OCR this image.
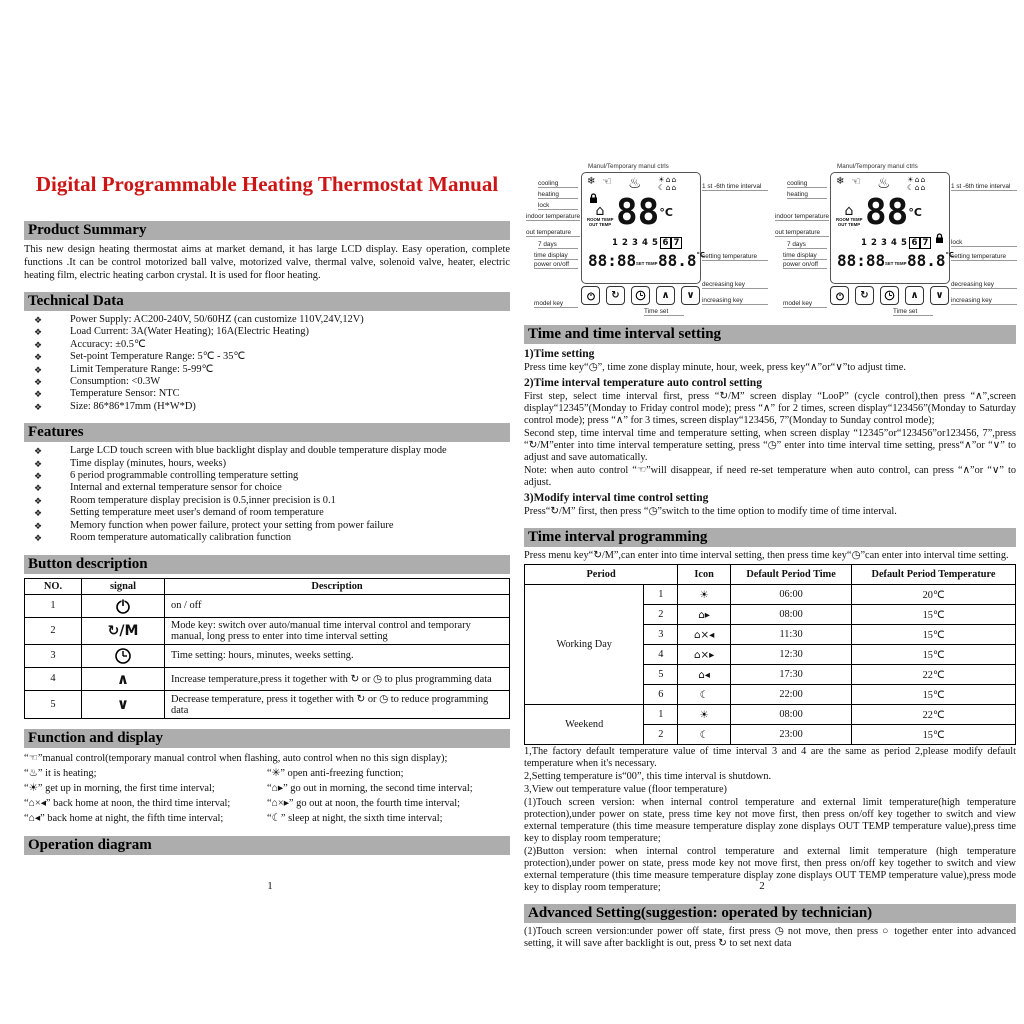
Digital Programmable Heating Thermostat Manual
Product Summary

This new design heating thermostat aims at market demand, it has large LCD display. Easy operation, complete functions .It can be control motorized ball valve, motorized valve, thermal valve, solenoid valve, heater, electric heating film, electric heating carbon crystal. It is used for floor heating.

Technical Data
❖	Power Supply: AC200-240V, 50/60HZ (can customize 110V,24V,12V)
❖	Load Current: 3A(Water Heating); 16A(Electric Heating)
❖	Accuracy: ±0.5℃
❖	Set-point Temperature Range: 5℃ - 35℃
❖	Limit Temperature Range: 5-99℃
❖	Consumption: <0.3W
❖	Temperature Sensor: NTC
❖	Size: 86*86*17mm (H*W*D)
Features
❖	Large LCD touch screen with blue backlight display and double temperature display mode
❖	Time display (minutes, hours, weeks)
❖	6 period programmable controlling temperature setting
❖	Internal and external temperature sensor for choice
❖	Room temperature display precision is 0.5,inner precision is 0.1
❖	Setting temperature meet user's demand of room temperature
❖	Memory function when power failure, protect your setting from power failure
❖	Room temperature automatically calibration function
Button description
NO.	signal	Description
1		on / off
2	↻/M	Mode key: switch over auto/manual time interval control and temporary manual, long press to enter into time interval setting
3		Time setting: hours, minutes, weeks setting.
4	∧	Increase temperature,press it together with ↻ or ◷ to plus programming data
5	∨	Decrease temperature, press it together with ↻ or ◷ to reduce programming data
Function and display
“☜”manual control(temporary manual control when flashing, auto control when no this sign display);
“♨” it is heating;	“✳” open anti-freezing function;
“☀” get up in morning, the first time interval;	“⌂▸” go out in morning, the second time interval;
“⌂×◂” back home at noon, the third time interval;	“⌂×▸” go out at noon, the fourth time interval;
“⌂◂” back home at night, the fifth time interval;	“☾” sleep at night, the sixth time interval;
Operation diagram
1
Manul/Temporary manul ctrls
cooling
heating
lock
indoor temperature
out temperature
7 days
time display
power on/off
model key
1 st -6th time interval
setting temperature
decreasing key
increasing key
Time set
❄ ☜ ♨ ☀⌂⌂
☾⌂⌂
⌂
ROOM TEMP
OUT TEMP $88^{^\circ C}$
1 2 3 4 5 6 7
88:88 SET TEMP 88.8℃
↻	∧ ∨
Manul/Temporary manul ctrls
cooling
heating
indoor temperature
out temperature
7 days
time display
power on/off
model key
1 st -6th time interval
lock
setting temperature
decreasing key
increasing key
Time set
❄ ☜ ♨ ☀⌂⌂
☾⌂⌂
⌂
ROOM TEMP
OUT TEMP $88^{^\circ C}$
1 2 3 4 5 6 7
88:88 SET TEMP 88.8℃
↻	∧ ∨
Time and time interval setting
1)Time setting

Press time key“◷”, time zone display minute, hour, week, press key“∧”or“∨”to adjust time.

2)Time interval temperature auto control setting

First step, select time interval first, press “↻/M” screen display “LooP” (cycle control),then press “∧”,screen display“12345”(Monday to Friday control mode); press “∧” for 2 times, screen display“123456”(Monday to Saturday control mode); press “∧” for 3 times, screen display“123456, 7”(Monday to Sunday control mode);

Second step, time interval time and temperature setting, when screen display “12345”or“123456”or123456, 7”,press “↻/M”enter into time interval temperature setting, press “◷” enter into time interval time setting, press“∧”or “∨” to adjust and save automatically.

Note: when auto control “☜”will disappear, if need re-set temperature when auto control, can press “∧”or “∨” to adjust.

3)Modify interval time control setting

Press“↻/M” first, then press “◷”switch to the time option to modify time of time interval.

Time interval programming

Press menu key“↻/M”,can enter into time interval setting, then press time key“◷”can enter into interval time setting.

Period		Icon	Default Period Time	Default Period Temperature
Working Day	1	☀	06:00	20℃
	2	⌂▸	08:00	15℃
	3	⌂×◂	11:30	15℃
	4	⌂×▸	12:30	15℃
	5	⌂◂	17:30	22℃
	6	☾	22:00	15℃
Weekend	1	☀	08:00	22℃
	2	☾	23:00	15℃

1,The factory default temperature value of time interval 3 and 4 are the same as period 2,please modify default temperature when it's necessary.

2,Setting temperature is“00”, this time interval is shutdown.

3,View out temperature value (floor temperature)

(1)Touch screen version: when internal control temperature and external limit temperature(high temperature protection),under power on state, press time key not move first, then press on/off key together to switch and view external temperature (this time measure temperature display zone displays OUT TEMP temperature value),press time key to display room temperature;

(2)Button version: when internal control temperature and external limit temperature (high temperature protection),under power on state, press mode key not move first, then press on/off key together to switch and view external temperature (this time measure temperature display zone displays OUT TEMP temperature value),press mode key to display room temperature;

Advanced Setting(suggestion: operated by technician)

(1)Touch screen version:under power off state, first press ◷ not move, then press ○ together enter into advanced setting, it will save after backlight is out, press ↻ to set next data

2
